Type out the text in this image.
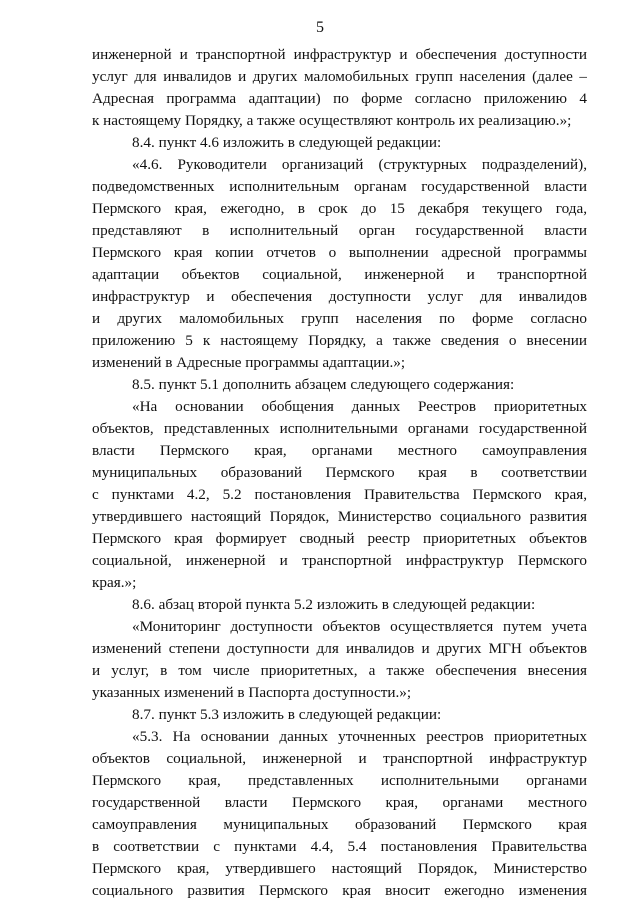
5
инженерной и транспортной инфраструктур и обеспечения доступности
услуг для инвалидов и других маломобильных групп населения (далее –
Адресная программа адаптации) по форме согласно приложению 4
к настоящему Порядку, а также осуществляют контроль их реализацию.»;
8.4. пункт 4.6 изложить в следующей редакции:
«4.6. Руководители организаций (структурных подразделений),
подведомственных исполнительным органам государственной власти
Пермского края, ежегодно, в срок до 15 декабря текущего года,
представляют в исполнительный орган государственной власти
Пермского края копии отчетов о выполнении адресной программы
адаптации объектов социальной, инженерной и транспортной
инфраструктур и обеспечения доступности услуг для инвалидов
и других маломобильных групп населения по форме согласно
приложению 5 к настоящему Порядку, а также сведения о внесении
изменений в Адресные программы адаптации.»;
8.5. пункт 5.1 дополнить абзацем следующего содержания:
«На основании обобщения данных Реестров приоритетных
объектов, представленных исполнительными органами государственной
власти Пермского края, органами местного самоуправления
муниципальных образований Пермского края в соответствии
с пунктами 4.2, 5.2 постановления Правительства Пермского края,
утвердившего настоящий Порядок, Министерство социального развития
Пермского края формирует сводный реестр приоритетных объектов
социальной, инженерной и транспортной инфраструктур Пермского
края.»;
8.6. абзац второй пункта 5.2 изложить в следующей редакции:
«Мониторинг доступности объектов осуществляется путем учета
изменений степени доступности для инвалидов и других МГН объектов
и услуг, в том числе приоритетных, а также обеспечения внесения
указанных изменений в Паспорта доступности.»;
8.7. пункт 5.3 изложить в следующей редакции:
«5.3. На основании данных уточненных реестров приоритетных
объектов социальной, инженерной и транспортной инфраструктур
Пермского края, представленных исполнительными органами
государственной власти Пермского края, органами местного
самоуправления муниципальных образований Пермского края
в соответствии с пунктами 4.4, 5.4 постановления Правительства
Пермского края, утвердившего настоящий Порядок, Министерство
социального развития Пермского края вносит ежегодно изменения
